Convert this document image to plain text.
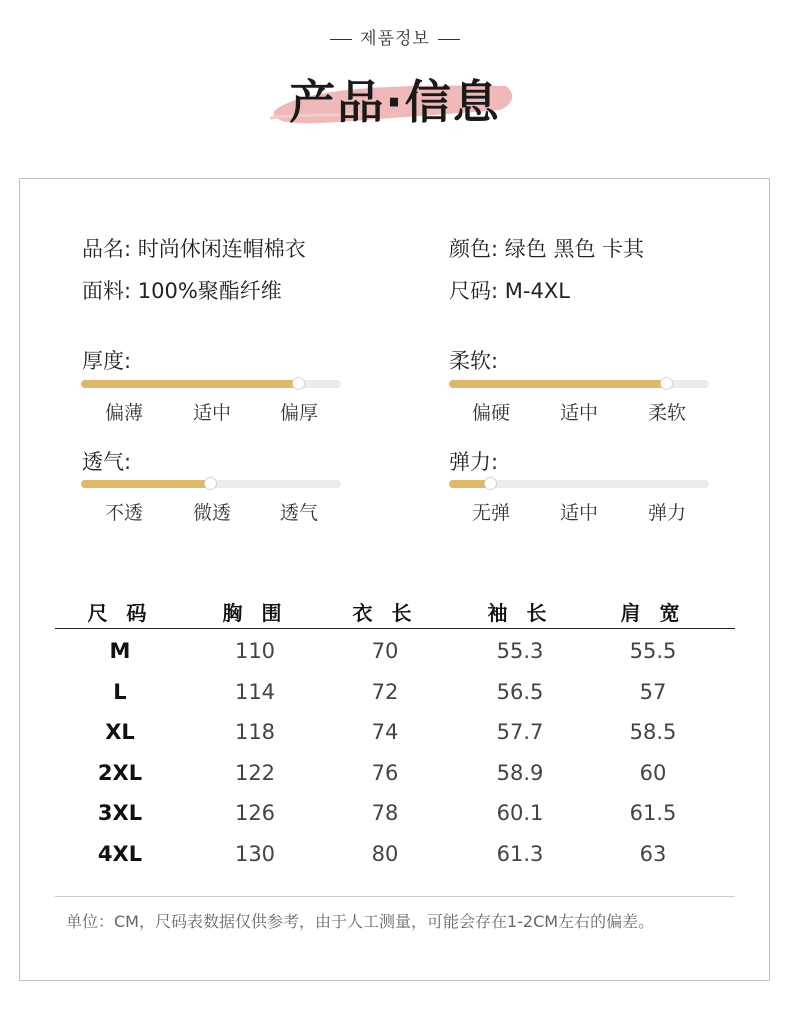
제품정보
产品·信息
品名: 时尚休闲连帽棉衣
面料: 100%聚酯纤维
颜色: 绿色 黑色 卡其
尺码: M-4XL
厚度:
偏薄	适中	偏厚
柔软:
偏硬	适中	柔软
透气:
不透	微透	透气
弹力:
无弹	适中	弹力
尺 码	胸 围	衣 长	袖 长	肩 宽
M	110	70	55.3	55.5
L	114	72	56.5	57
XL	118	74	57.7	58.5
2XL	122	76	58.9	60
3XL	126	78	60.1	61.5
4XL	130	80	61.3	63
单位：CM，尺码表数据仅供参考，由于人工测量，可能会存在1-2CM左右的偏差。
